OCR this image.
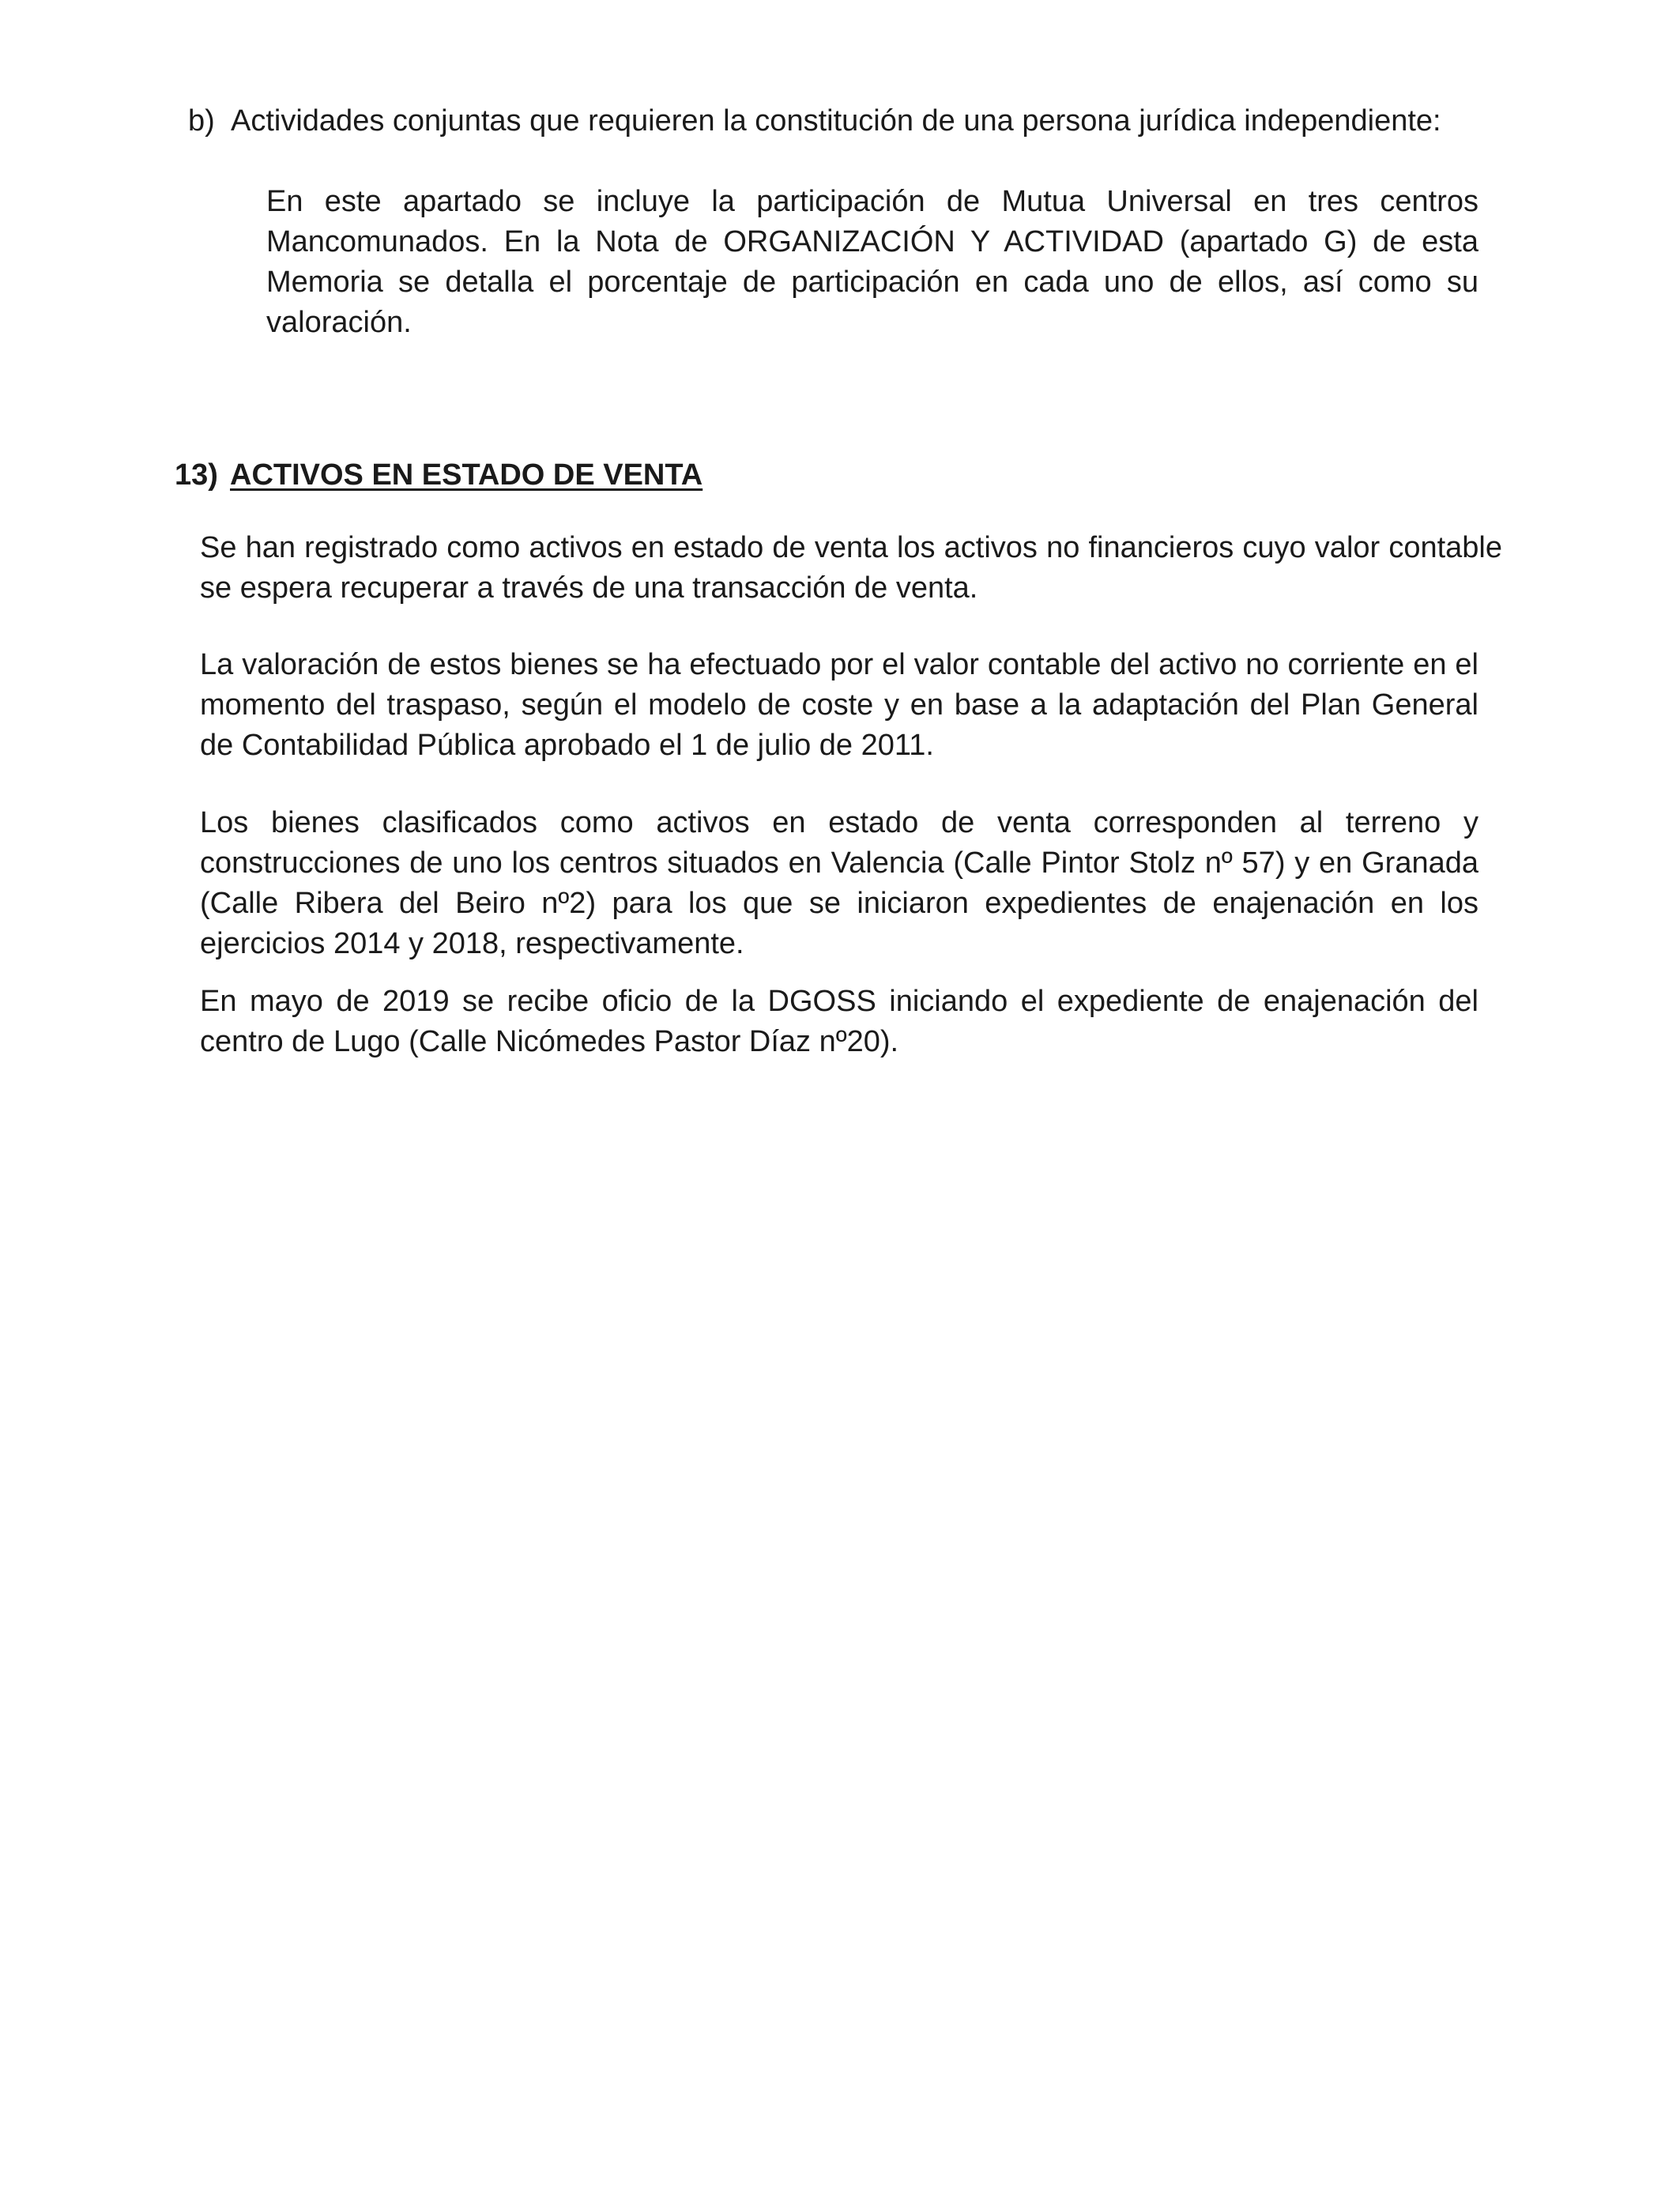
b) Actividades conjuntas que requieren la constitución de una persona jurídica independiente:

En este apartado se incluye la participación de Mutua Universal en tres centros Mancomunados. En la Nota de ORGANIZACIÓN Y ACTIVIDAD (apartado G) de esta Memoria se detalla el porcentaje de participación en cada uno de ellos, así como su valoración.

13) ACTIVOS EN ESTADO DE VENTA

Se han registrado como activos en estado de venta los activos no financieros cuyo valor contable se espera recuperar a través de una transacción de venta.

La valoración de estos bienes se ha efectuado por el valor contable del activo no corriente en el momento del traspaso, según el modelo de coste y en base a la adaptación del Plan General de Contabilidad Pública aprobado el 1 de julio de 2011.

Los bienes clasificados como activos en estado de venta corresponden al terreno y construcciones de uno los centros situados en Valencia (Calle Pintor Stolz nº 57) y en Granada (Calle Ribera del Beiro nº2) para los que se iniciaron expedientes de enajenación en los ejercicios 2014 y 2018, respectivamente.

En mayo de 2019 se recibe oficio de la DGOSS iniciando el expediente de enajenación del centro de Lugo (Calle Nicómedes Pastor Díaz nº20).
